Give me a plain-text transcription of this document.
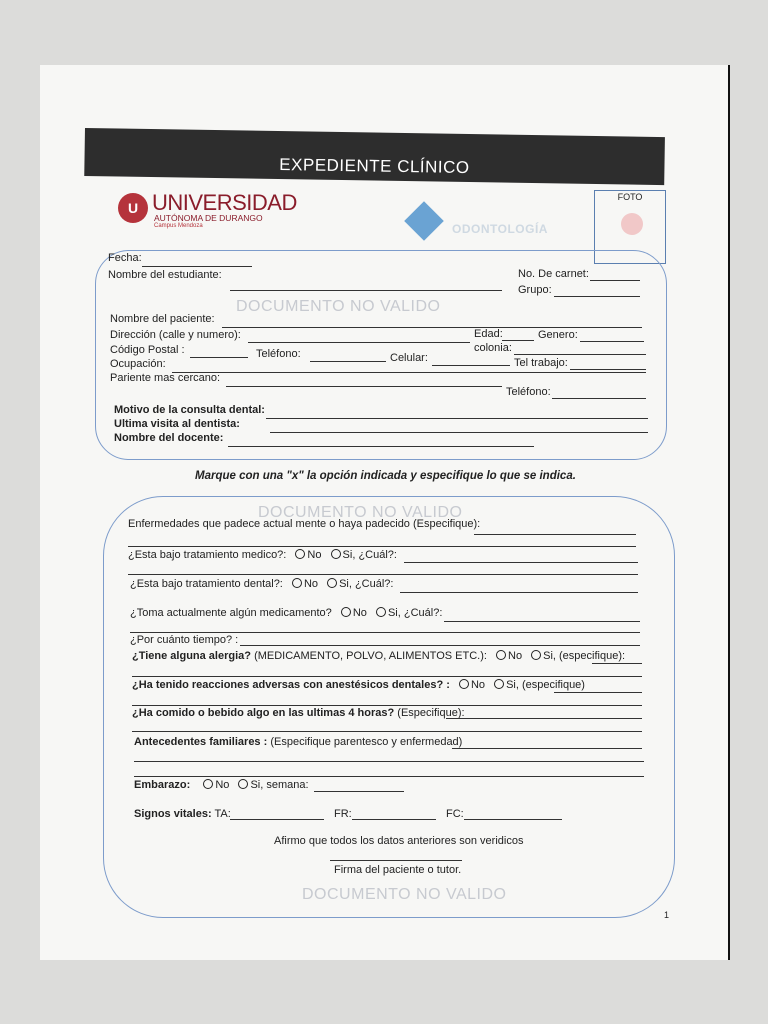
EXPEDIENTE CLÍNICO
U UNIVERSIDAD
AUTÓNOMA DE DURANGO
Campus Mendoza	ODONTOLOGÍA
FOTO
Fecha:
Nombre del estudiante:	No. De carnet:
Grupo:
DOCUMENTO NO VALIDO
Nombre del paciente:
Dirección (calle y numero):	Edad:	Genero:
colonia:
Código Postal :	Teléfono:	Celular:	Tel trabajo:
Ocupación:
Pariente mas cercano:
Teléfono:
Motivo de la consulta dental:
Ultima visita al dentista:
Nombre del docente:
Marque con una "x" la opción indicada y especifique lo que se indica.
DOCUMENTO NO VALIDO
Enfermedades que padece actual mente o haya padecido (Especifique):
¿Esta bajo tratamiento medico?: No Si, ¿Cuál?:
¿Esta bajo tratamiento dental?: No Si, ¿Cuál?:
¿Toma actualmente algún medicamento? No Si, ¿Cuál?:
¿Por cuánto tiempo? :
¿Tiene alguna alergia? (MEDICAMENTO, POLVO, ALIMENTOS ETC.): No Si, (especifique):
¿Ha tenido reacciones adversas con anestésicos dentales? : No Si, (especifique)
¿Ha comido o bebido algo en las ultimas 4 horas? (Especifique):
Antecedentes familiares : (Especifique parentesco y enfermedad)
Embarazo: No Si, semana:
Signos vitales: TA:	FR:	FC:
Afirmo que todos los datos anteriores son veridicos
Firma del paciente o tutor.
DOCUMENTO NO VALIDO
1
